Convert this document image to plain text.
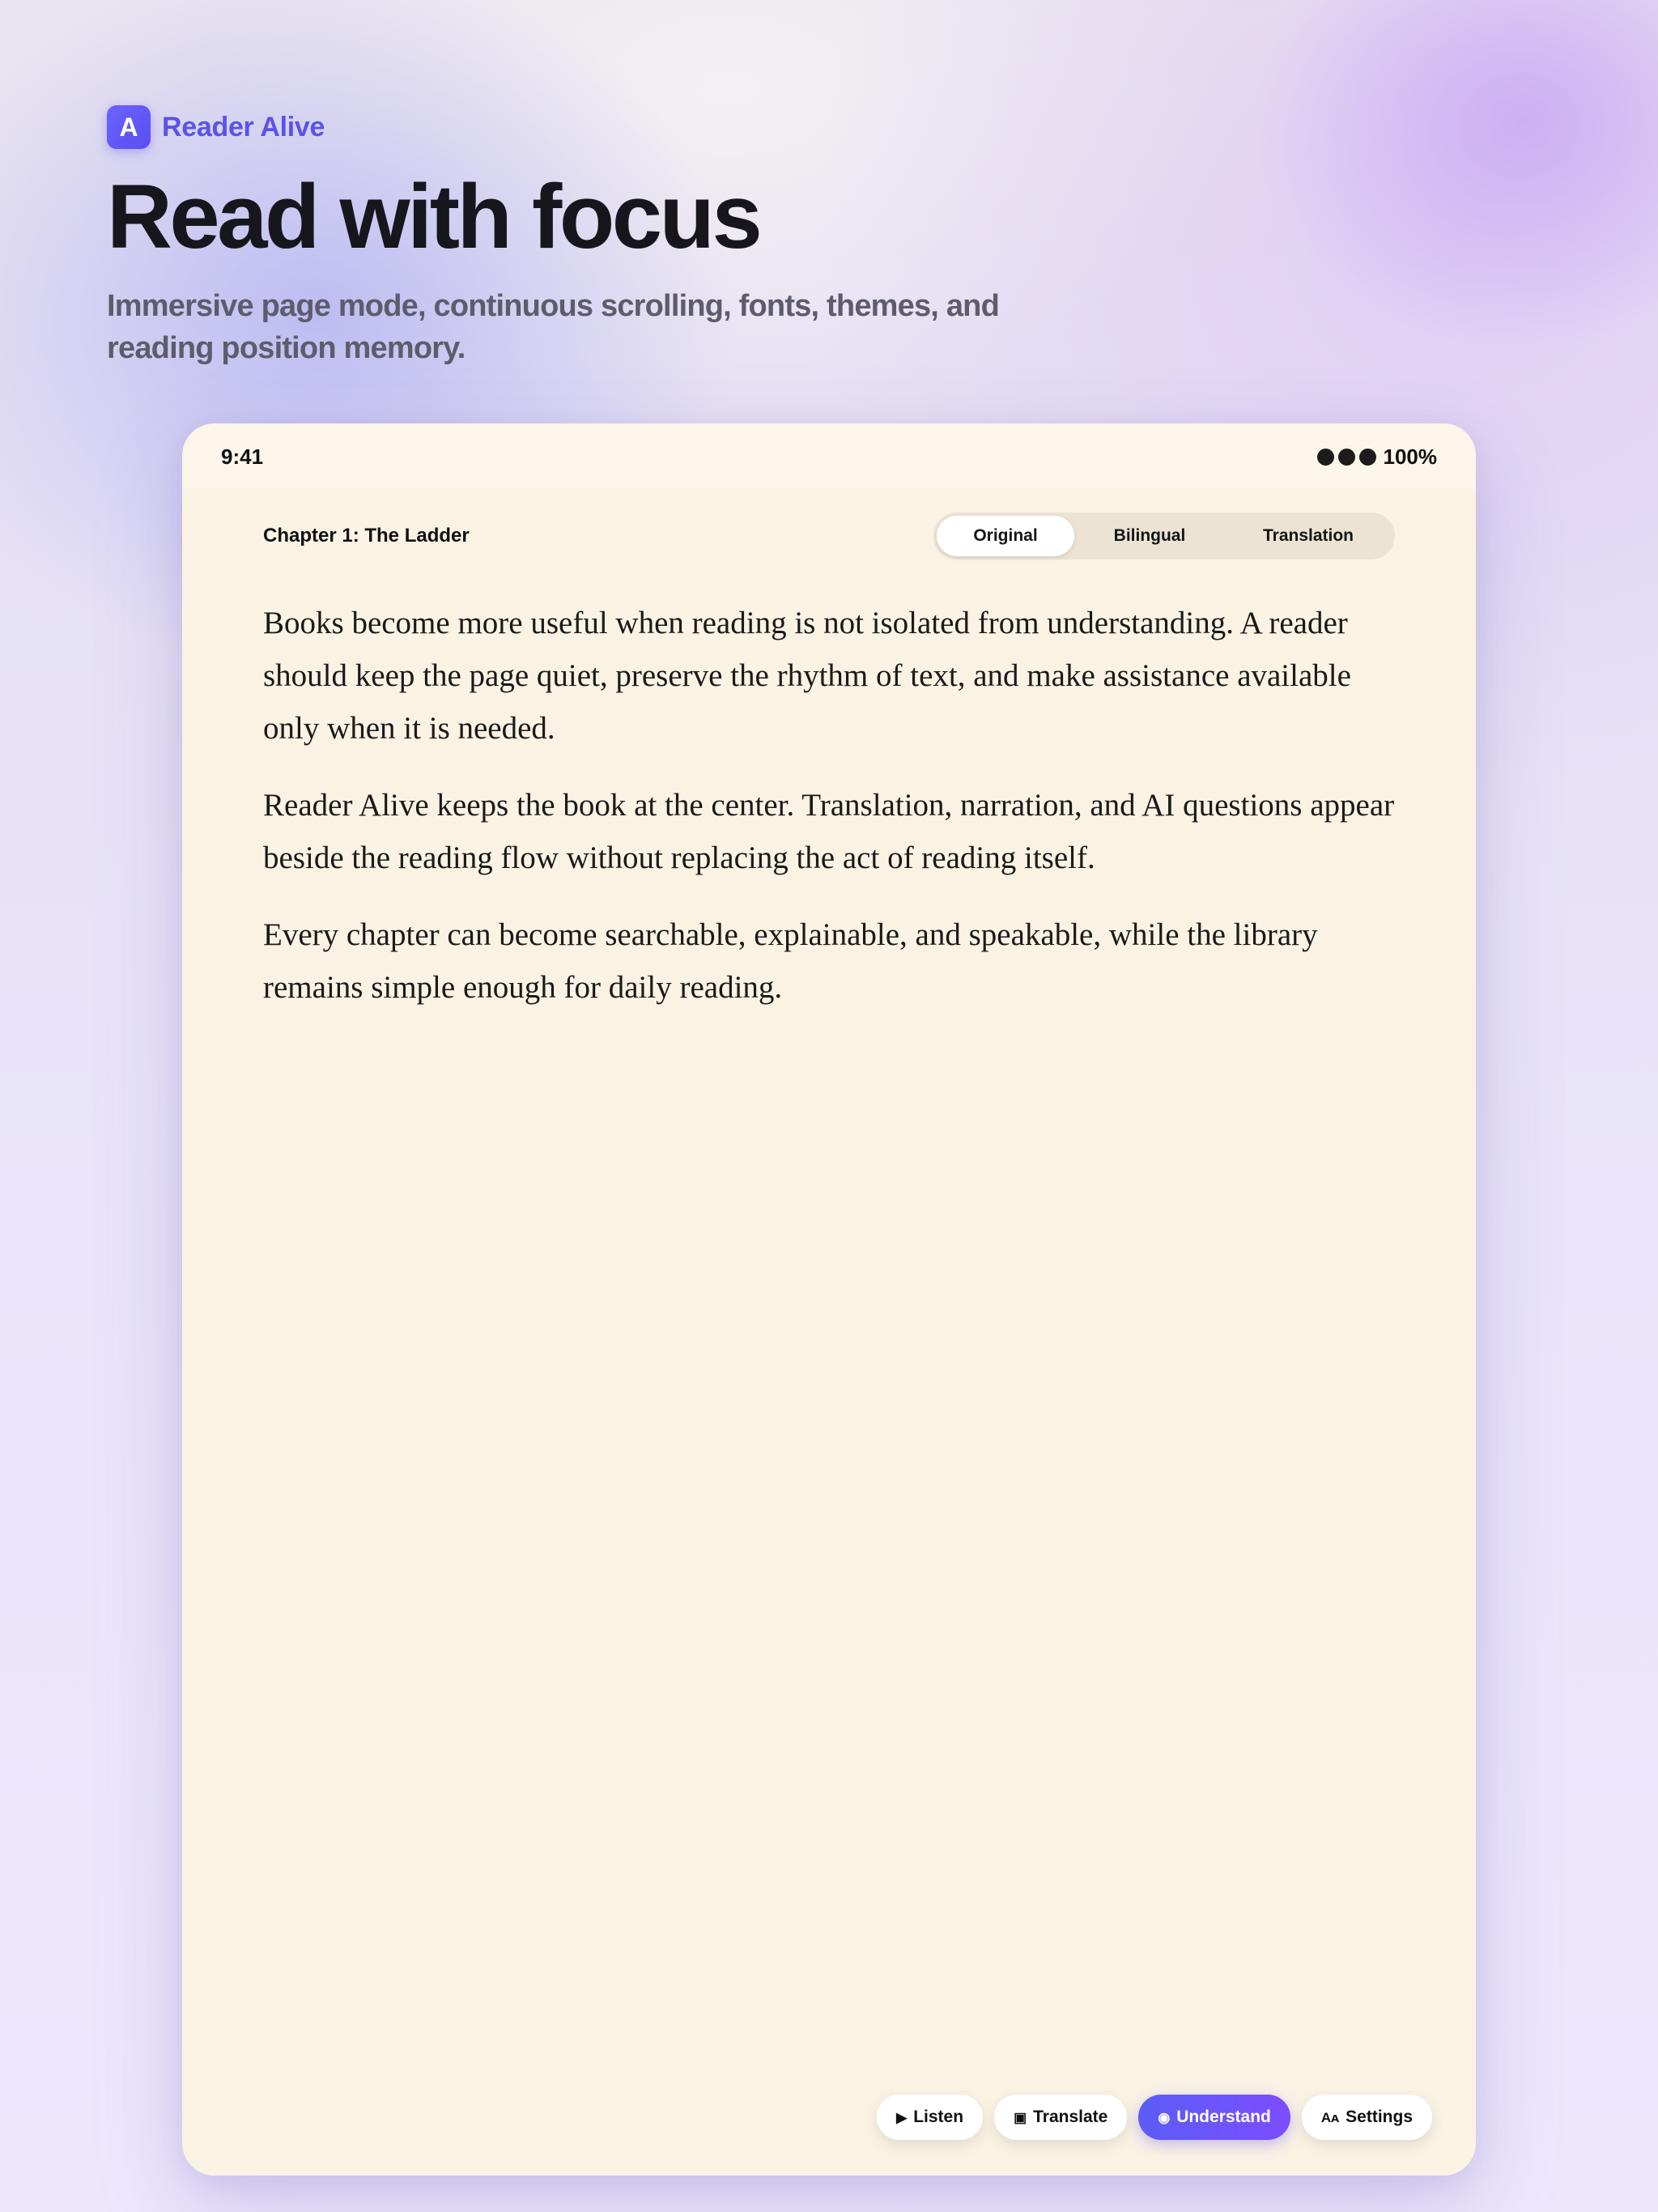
A Reader Alive
Read with focus

Immersive page mode, continuous scrolling, fonts, themes, and reading position memory.

9:41	100%
Chapter 1: The Ladder	Original	Bilingual	Translation

Books become more useful when reading is not isolated from understanding. A reader should keep the page quiet, preserve the rhythm of text, and make assistance available only when it is needed.

Reader Alive keeps the book at the center. Translation, narration, and AI questions appear beside the reading flow without replacing the act of reading itself.

Every chapter can become searchable, explainable, and speakable, while the library remains simple enough for daily reading.

▶ Listen	▣ Translate	◉ Understand	Aᴀ Settings
